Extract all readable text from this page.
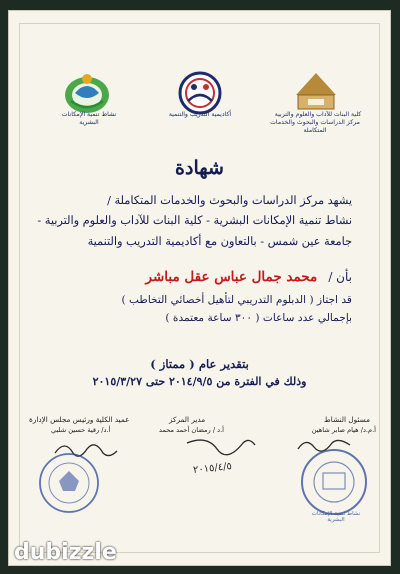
نشاط تنمية الإمكانات البشرية
أكاديمية التدريب والتنمية	كلية البنات للآداب والعلوم والتربية
مركز الدراسات والبحوث والخدمات المتكاملة
شهادة
يشهد مركز الدراسات والبحوث والخدمات المتكاملة /
نشاط تنمية الإمكانات البشرية - كلية البنات للآداب والعلوم والتربية -
جامعة عين شمس - بالتعاون مع أكاديمية التدريب والتنمية
بأن / محمد جمال عباس عقل مباشر
قد اجتاز ( الدبلوم التدريبي لتأهيل أخصائي التخاطب )
بإجمالي عدد ساعات ( ٣٠٠ ساعة معتمدة )
بتقدير عام ( ممتاز )
وذلك في الفترة من ٢٠١٤/٩/٥ حتى ٢٠١٥/٣/٢٧
مسئول النشاط
أ.م.د/ هيام صابر شاهين
مدير المركز
أ.د / رمضان أحمد محمد
عميد الكلية ورئيس مجلس الإدارة
أ.د/ رقية حسين شلبي
٢٠١٥/٤/٥
نشاط تنمية الإمكانات البشرية
dubizzle
